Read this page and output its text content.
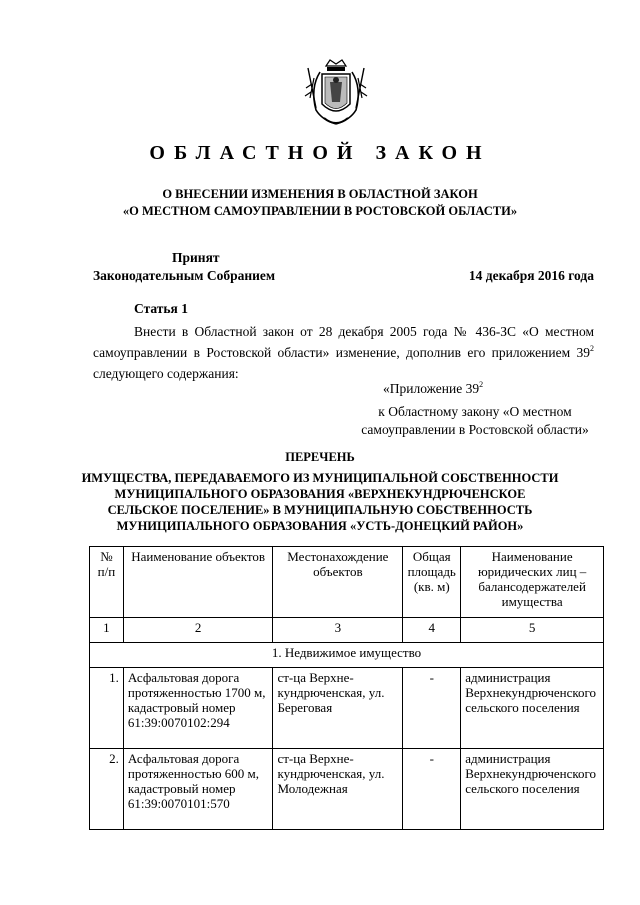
ОБЛАСТНОЙ ЗАКОН
О ВНЕСЕНИИ ИЗМЕНЕНИЯ В ОБЛАСТНОЙ ЗАКОН
«О МЕСТНОМ САМОУПРАВЛЕНИИ В РОСТОВСКОЙ ОБЛАСТИ»
Принят
Законодательным Собранием	14 декабря 2016 года
Статья 1
Внести в Областной закон от 28 декабря 2005 года № 436-ЗС «О местном самоуправлении в Ростовской области» изменение, дополнив его приложением $39^2$ следующего содержания:
«Приложение $39^2$
к Областному закону «О местном
самоуправлении в Ростовской области»
ПЕРЕЧЕНЬ
ИМУЩЕСТВА, ПЕРЕДАВАЕМОГО ИЗ МУНИЦИПАЛЬНОЙ СОБСТВЕННОСТИ
МУНИЦИПАЛЬНОГО ОБРАЗОВАНИЯ «ВЕРХНЕКУНДРЮЧЕНСКОЕ
СЕЛЬСКОЕ ПОСЕЛЕНИЕ» В МУНИЦИПАЛЬНУЮ СОБСТВЕННОСТЬ
МУНИЦИПАЛЬНОГО ОБРАЗОВАНИЯ «УСТЬ-ДОНЕЦКИЙ РАЙОН»
№ п/п	Наименование объектов	Местонахождение объектов	Общая площадь (кв. м)	Наименование юридических лиц – балансодержателей имущества
1	2	3	4	5
1. Недвижимое имущество				
1.	Асфальтовая дорога протяженностью 1700 м, кадастровый номер 61:39:0070102:294	ст-ца Верхне-кундрюченская, ул. Береговая	-	администрация Верхнекундрюченского сельского поселения
2.	Асфальтовая дорога протяженностью 600 м, кадастровый номер 61:39:0070101:570	ст-ца Верхне-кундрюченская, ул. Молодежная	-	администрация Верхнекундрюченского сельского поселения
